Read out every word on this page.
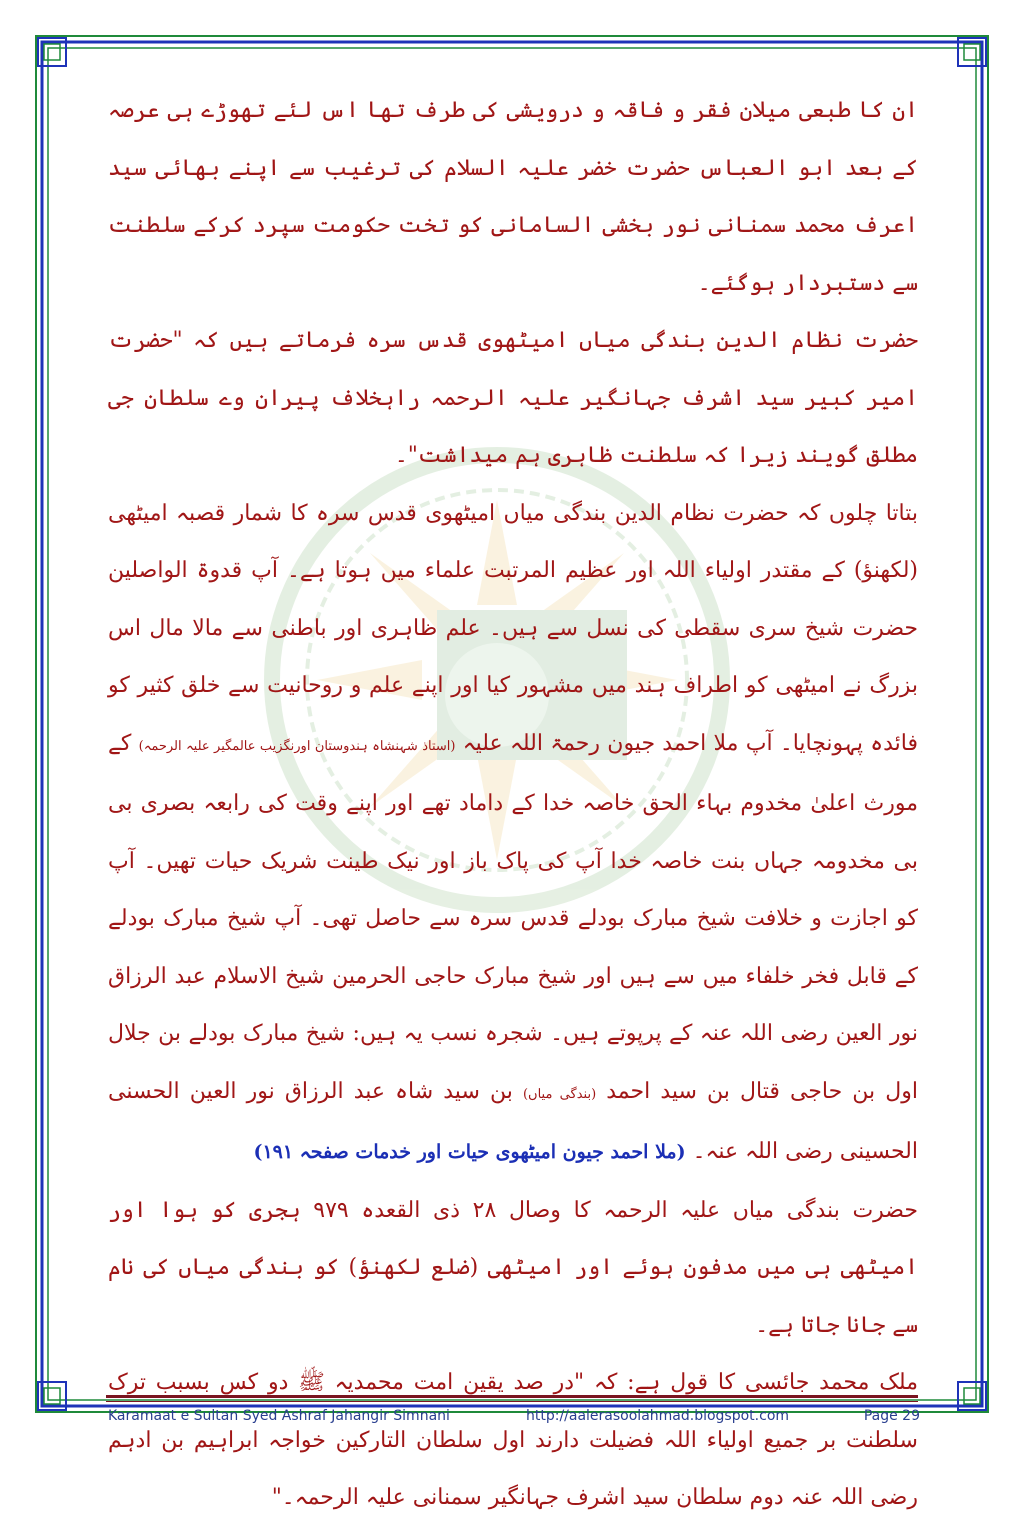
ان کا طبعی میلان فقر و فاقہ و درویشی کی طرف تھا اس لئے تھوڑے ہی عرصہ کے بعد ابو العباس حضرت خضر علیہ السلام کی ترغیب سے اپنے بھائی سید اعرف محمد سمنانی نور بخشی السامانی کو تخت حکومت سپرد کرکے سلطنت سے دستبردار ہوگئے۔

حضرت نظام الدین بندگی میاں امیٹھوی قدس سرہ فرماتے ہیں کہ "حضرت امیر کبیر سید اشرف جہانگیر علیہ الرحمہ راہخلاف پیران وے سلطان جی مطلق گویند زیرا کہ سلطنت ظاہری ہم میداشت"۔

بتاتا چلوں کہ حضرت نظام الدین بندگی میاں امیٹھوی قدس سرہ کا شمار قصبہ امیٹھی (لکھنؤ) کے مقتدر اولیاء اللہ اور عظیم المرتبت علماء میں ہوتا ہے۔ آپ قدوۃ الواصلین حضرت شیخ سری سقطی کی نسل سے ہیں۔ علم ظاہری اور باطنی سے مالا مال اس بزرگ نے امیٹھی کو اطراف ہند میں مشہور کیا اور اپنے علم و روحانیت سے خلق کثیر کو فائدہ پہونچایا۔ آپ ملا احمد جیون رحمۃ اللہ علیہ (استاذ شہنشاہ ہندوستان اورنگزیب عالمگیر علیہ الرحمہ) کے مورث اعلیٰ مخدوم بہاء الحق خاصہ خدا کے داماد تھے اور اپنے وقت کی رابعہ بصری بی بی مخدومہ جہاں بنت خاصہ خدا آپ کی پاک باز اور نیک طینت شریک حیات تھیں۔ آپ کو اجازت و خلافت شیخ مبارک بودلے قدس سرہ سے حاصل تھی۔ آپ شیخ مبارک بودلے کے قابل فخر خلفاء میں سے ہیں اور شیخ مبارک حاجی الحرمین شیخ الاسلام عبد الرزاق نور العین رضی اللہ عنہ کے پرپوتے ہیں۔ شجرہ نسب یہ ہیں: شیخ مبارک بودلے بن جلال اول بن حاجی قتال بن سید احمد (بندگی میاں) بن سید شاہ عبد الرزاق نور العین الحسنی الحسینی رضی اللہ عنہ۔ (ملا احمد جیون امیٹھوی حیات اور خدمات صفحہ ۱۹۱)

حضرت بندگی میاں علیہ الرحمہ کا وصال ۲۸ ذی القعدہ ۹۷۹ ہجری کو ہوا اور امیٹھی ہی میں مدفون ہوئے اور امیٹھی (ضلع لکھنؤ) کو بندگی میاں کی نام سے جانا جاتا ہے۔

ملک محمد جائسی کا قول ہے: کہ "در صد یقین امت محمدیہ ﷺ دو کس بسبب ترک سلطنت بر جمیع اولیاء اللہ فضیلت دارند اول سلطان التارکین خواجہ ابراہیم بن ادہم رضی اللہ عنہ دوم سلطان سید اشرف جہانگیر سمنانی علیہ الرحمہ۔"

Karamaat e Sultan Syed Ashraf Jahangir Simnani	http://aalerasoolahmad.blogspot.com	Page 29
